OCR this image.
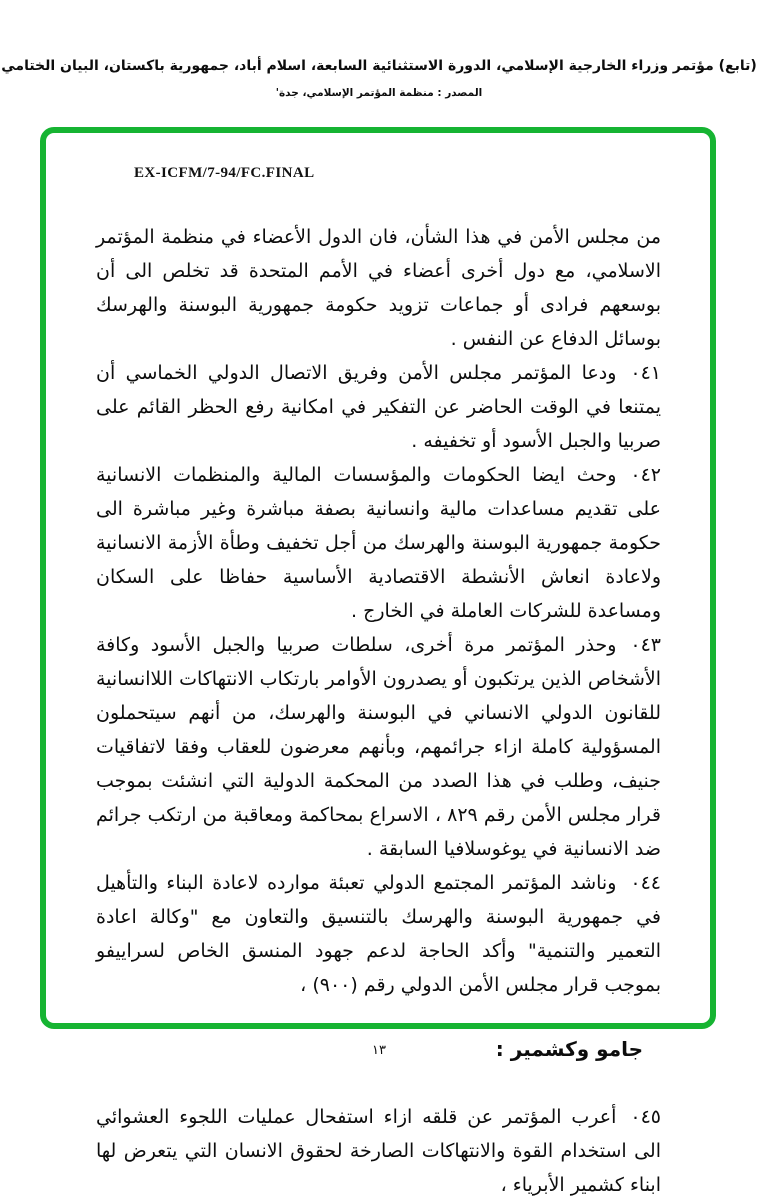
(تابع) مؤتمر وزراء الخارجية الإسلامي، الدورة الاستثنائية السابعة، اسلام أباد، جمهورية باكستان، البيان الختامي
المصدر : منظمة المؤتمر الإسلامي، جدة'
EX-ICFM/7-94/FC.FINAL

من مجلس الأمن في هذا الشأن، فان الدول الأعضاء في منظمة المؤتمر الاسلامي، مع دول أخرى أعضاء في الأمم المتحدة قد تخلص الى أن بوسعهم فرادى أو جماعات تزويد حكومة جمهورية البوسنة والهرسك بوسائل الدفاع عن النفس .

٠٤١ودعا المؤتمر مجلس الأمن وفريق الاتصال الدولي الخماسي أن يمتنعا في الوقت الحاضر عن التفكير في امكانية رفع الحظر القائم على صربيا والجبل الأسود أو تخفيفه .

٠٤٢وحث ايضا الحكومات والمؤسسات المالية والمنظمات الانسانية على تقديم مساعدات مالية وانسانية بصفة مباشرة وغير مباشرة الى حكومة جمهورية البوسنة والهرسك من أجل تخفيف وطأة الأزمة الانسانية ولاعادة انعاش الأنشطة الاقتصادية الأساسية حفاظا على السكان ومساعدة للشركات العاملة في الخارج .

٠٤٣وحذر المؤتمر مرة أخرى، سلطات صربيا والجبل الأسود وكافة الأشخاص الذين يرتكبون أو يصدرون الأوامر بارتكاب الانتهاكات اللاانسانية للقانون الدولي الانساني في البوسنة والهرسك، من أنهم سيتحملون المسؤولية كاملة ازاء جرائمهم، وبأنهم معرضون للعقاب وفقا لاتفاقيات جنيف، وطلب في هذا الصدد من المحكمة الدولية التي انشئت بموجب قرار مجلس الأمن رقم ٨٢٩ ، الاسراع بمحاكمة ومعاقبة من ارتكب جرائم ضد الانسانية في يوغوسلافيا السابقة .

٠٤٤وناشد المؤتمر المجتمع الدولي تعبئة موارده لاعادة البناء والتأهيل في جمهورية البوسنة والهرسك بالتنسيق والتعاون مع "وكالة اعادة التعمير والتنمية" وأكد الحاجة لدعم جهود المنسق الخاص لسراييفو بموجب قرار مجلس الأمن الدولي رقم (٩٠٠) ،

جامو وكشمير :

٠٤٥أعرب المؤتمر عن قلقه ازاء استفحال عمليات اللجوء العشوائي الى استخدام القوة والانتهاكات الصارخة لحقوق الانسان التي يتعرض لها ابناء كشمير الأبرياء ،

١٣
